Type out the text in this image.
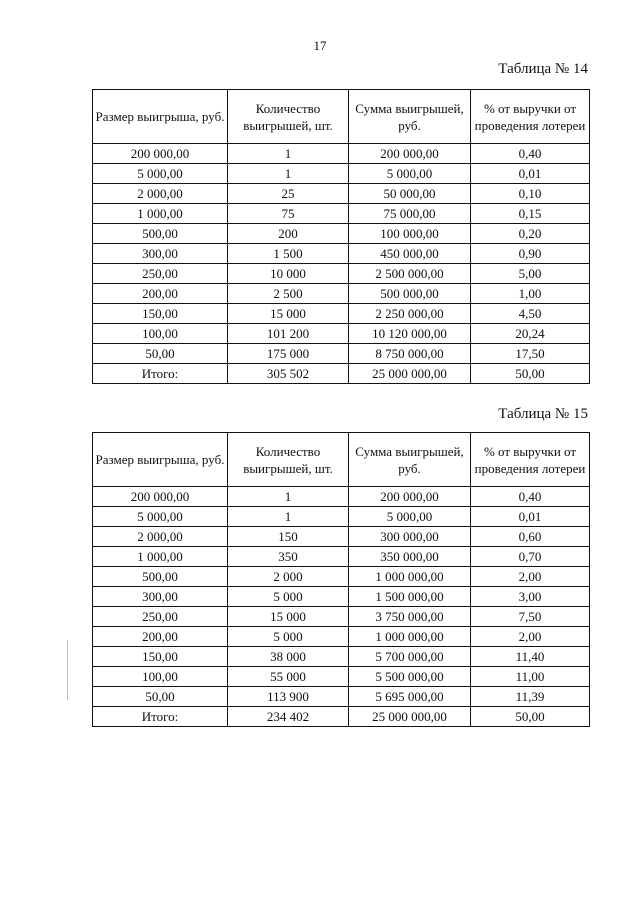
17
Таблица № 14
Размер выигрыша, руб.	Количество выигрышей, шт.	Сумма выигрышей, руб.	% от выручки от проведения лотереи
200 000,00	1	200 000,00	0,40
5 000,00	1	5 000,00	0,01
2 000,00	25	50 000,00	0,10
1 000,00	75	75 000,00	0,15
500,00	200	100 000,00	0,20
300,00	1 500	450 000,00	0,90
250,00	10 000	2 500 000,00	5,00
200,00	2 500	500 000,00	1,00
150,00	15 000	2 250 000,00	4,50
100,00	101 200	10 120 000,00	20,24
50,00	175 000	8 750 000,00	17,50
Итого:	305 502	25 000 000,00	50,00
Таблица № 15
Размер выигрыша, руб.	Количество выигрышей, шт.	Сумма выигрышей, руб.	% от выручки от проведения лотереи
200 000,00	1	200 000,00	0,40
5 000,00	1	5 000,00	0,01
2 000,00	150	300 000,00	0,60
1 000,00	350	350 000,00	0,70
500,00	2 000	1 000 000,00	2,00
300,00	5 000	1 500 000,00	3,00
250,00	15 000	3 750 000,00	7,50
200,00	5 000	1 000 000,00	2,00
150,00	38 000	5 700 000,00	11,40
100,00	55 000	5 500 000,00	11,00
50,00	113 900	5 695 000,00	11,39
Итого:	234 402	25 000 000,00	50,00
